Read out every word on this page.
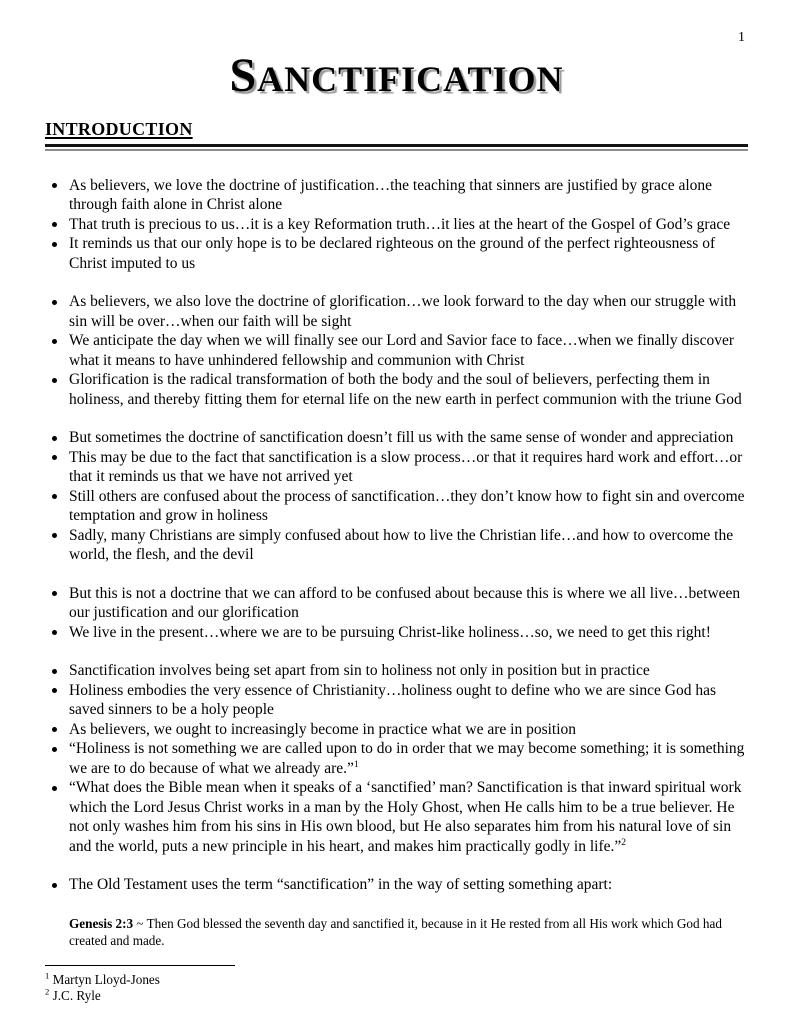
1
SANCTIFICATION
INTRODUCTION
As believers, we love the doctrine of justification…the teaching that sinners are justified by grace alone through faith alone in Christ alone
That truth is precious to us…it is a key Reformation truth…it lies at the heart of the Gospel of God’s grace
It reminds us that our only hope is to be declared righteous on the ground of the perfect righteousness of Christ imputed to us
As believers, we also love the doctrine of glorification…we look forward to the day when our struggle with sin will be over…when our faith will be sight
We anticipate the day when we will finally see our Lord and Savior face to face…when we finally discover what it means to have unhindered fellowship and communion with Christ
Glorification is the radical transformation of both the body and the soul of believers, perfecting them in holiness, and thereby fitting them for eternal life on the new earth in perfect communion with the triune God
But sometimes the doctrine of sanctification doesn’t fill us with the same sense of wonder and appreciation
This may be due to the fact that sanctification is a slow process…or that it requires hard work and effort…or that it reminds us that we have not arrived yet
Still others are confused about the process of sanctification…they don’t know how to fight sin and overcome temptation and grow in holiness
Sadly, many Christians are simply confused about how to live the Christian life…and how to overcome the world, the flesh, and the devil
But this is not a doctrine that we can afford to be confused about because this is where we all live…between our justification and our glorification
We live in the present…where we are to be pursuing Christ-like holiness…so, we need to get this right!
Sanctification involves being set apart from sin to holiness not only in position but in practice
Holiness embodies the very essence of Christianity…holiness ought to define who we are since God has saved sinners to be a holy people
As believers, we ought to increasingly become in practice what we are in position
“Holiness is not something we are called upon to do in order that we may become something; it is something we are to do because of what we already are.”$^1$
“What does the Bible mean when it speaks of a ‘sanctified’ man? Sanctification is that inward spiritual work which the Lord Jesus Christ works in a man by the Holy Ghost, when He calls him to be a true believer. He not only washes him from his sins in His own blood, but He also separates him from his natural love of sin and the world, puts a new principle in his heart, and makes him practically godly in life.”$^2$
The Old Testament uses the term “sanctification” in the way of setting something apart:
Genesis 2:3 ~ Then God blessed the seventh day and sanctified it, because in it He rested from all His work which God had created and made.
$^1$ Martyn Lloyd-Jones
$^2$ J.C. Ryle
